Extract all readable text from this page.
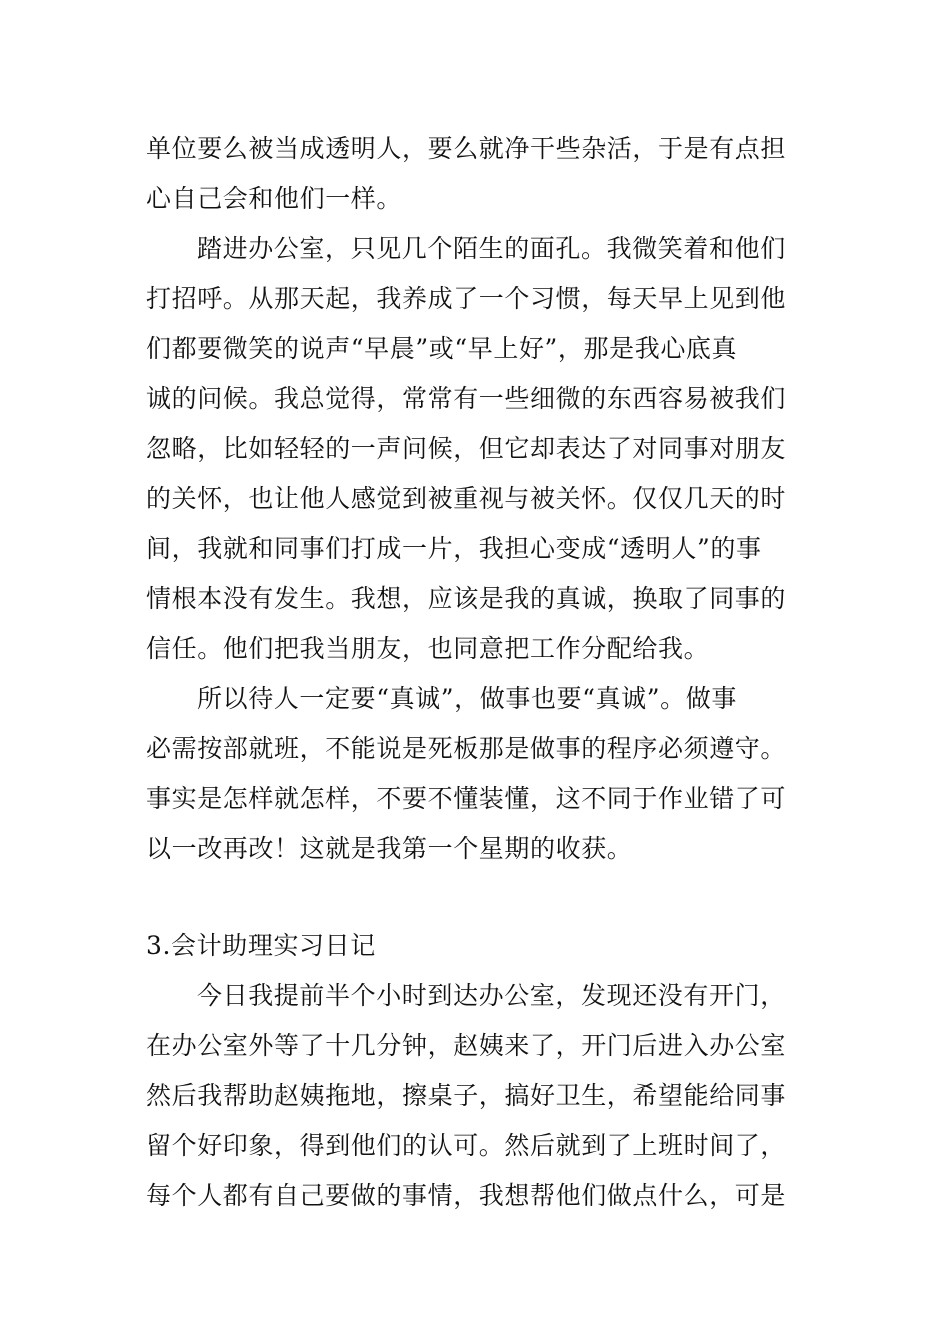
单位要么被当成透明人，要么就净干些杂活，于是有点担
心自己会和他们一样。
踏进办公室，只见几个陌生的面孔。我微笑着和他们
打招呼。从那天起，我养成了一个习惯，每天早上见到他
们都要微笑的说声“早晨”或“早上好”，那是我心底真
诚的问候。我总觉得，常常有一些细微的东西容易被我们
忽略，比如轻轻的一声问候，但它却表达了对同事对朋友
的关怀，也让他人感觉到被重视与被关怀。仅仅几天的时
间，我就和同事们打成一片，我担心变成“透明人”的事
情根本没有发生。我想，应该是我的真诚，换取了同事的
信任。他们把我当朋友，也同意把工作分配给我。
所以待人一定要“真诚”，做事也要“真诚”。做事
必需按部就班，不能说是死板那是做事的程序必须遵守。
事实是怎样就怎样，不要不懂装懂，这不同于作业错了可
以一改再改！这就是我第一个星期的收获。
3.会计助理实习日记
今日我提前半个小时到达办公室，发现还没有开门，
在办公室外等了十几分钟，赵姨来了，开门后进入办公室
然后我帮助赵姨拖地，擦桌子，搞好卫生，希望能给同事
留个好印象，得到他们的认可。然后就到了上班时间了，
每个人都有自己要做的事情，我想帮他们做点什么，可是
